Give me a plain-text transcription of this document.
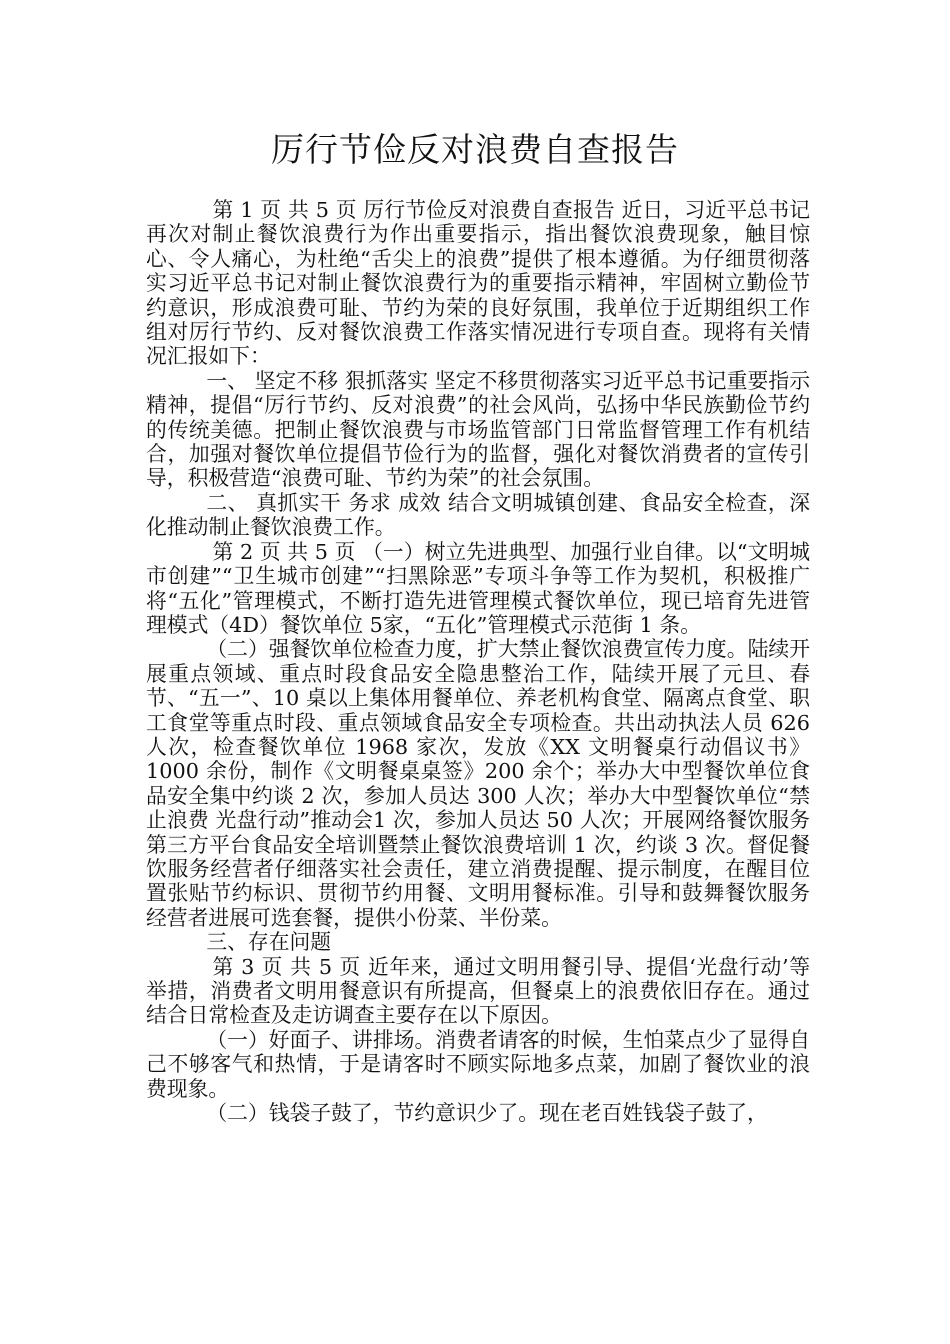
厉行节俭反对浪费自查报告

第 1 页 共 5 页 厉行节俭反对浪费自查报告 近日，习近平总书记再次对制止餐饮浪费行为作出重要指示，指出餐饮浪费现象，触目惊心、令人痛心，为杜绝“舌尖上的浪费”提供了根本遵循。为仔细贯彻落实习近平总书记对制止餐饮浪费行为的重要指示精神，牢固树立勤俭节约意识，形成浪费可耻、节约为荣的良好氛围，我单位于近期组织工作组对厉行节约、反对餐饮浪费工作落实情况进行专项自查。现将有关情况汇报如下：

一、 坚定不移 狠抓落实 坚定不移贯彻落实习近平总书记重要指示精神，提倡“厉行节约、反对浪费”的社会风尚，弘扬中华民族勤俭节约的传统美德。把制止餐饮浪费与市场监管部门日常监督管理工作有机结合，加强对餐饮单位提倡节俭行为的监督，强化对餐饮消费者的宣传引导，积极营造“浪费可耻、节约为荣”的社会氛围。

二、 真抓实干 务求 成效 结合文明城镇创建、食品安全检查，深化推动制止餐饮浪费工作。

第 2 页 共 5 页 （一）树立先进典型、加强行业自律。以“文明城市创建”“卫生城市创建”“扫黑除恶”专项斗争等工作为契机，积极推广将“五化”管理模式，不断打造先进管理模式餐饮单位，现已培育先进管理模式（4D）餐饮单位 5家，“五化”管理模式示范街 1 条。

（二）强餐饮单位检查力度，扩大禁止餐饮浪费宣传力度。陆续开展重点领域、重点时段食品安全隐患整治工作，陆续开展了元旦、春节、“五一”、10 桌以上集体用餐单位、养老机构食堂、隔离点食堂、职工食堂等重点时段、重点领域食品安全专项检查。共出动执法人员 626 人次，检查餐饮单位 1968 家次，发放《XX 文明餐桌行动倡议书》1000 余份，制作《文明餐桌桌签》200 余个；举办大中型餐饮单位食品安全集中约谈 2 次，参加人员达 300 人次；举办大中型餐饮单位“禁止浪费 光盘行动”推动会1 次，参加人员达 50 人次；开展网络餐饮服务第三方平台食品安全培训暨禁止餐饮浪费培训 1 次，约谈 3 次。督促餐饮服务经营者仔细落实社会责任，建立消费提醒、提示制度，在醒目位置张贴节约标识、贯彻节约用餐、文明用餐标准。引导和鼓舞餐饮服务经营者进展可选套餐，提供小份菜、半份菜。

三、存在问题

第 3 页 共 5 页 近年来，通过文明用餐引导、提倡‘光盘行动’等举措，消费者文明用餐意识有所提高，但餐桌上的浪费依旧存在。通过结合日常检查及走访调查主要存在以下原因。

（一）好面子、讲排场。消费者请客的时候，生怕菜点少了显得自己不够客气和热情，于是请客时不顾实际地多点菜，加剧了餐饮业的浪费现象。

（二）钱袋子鼓了，节约意识少了。现在老百姓钱袋子鼓了，
